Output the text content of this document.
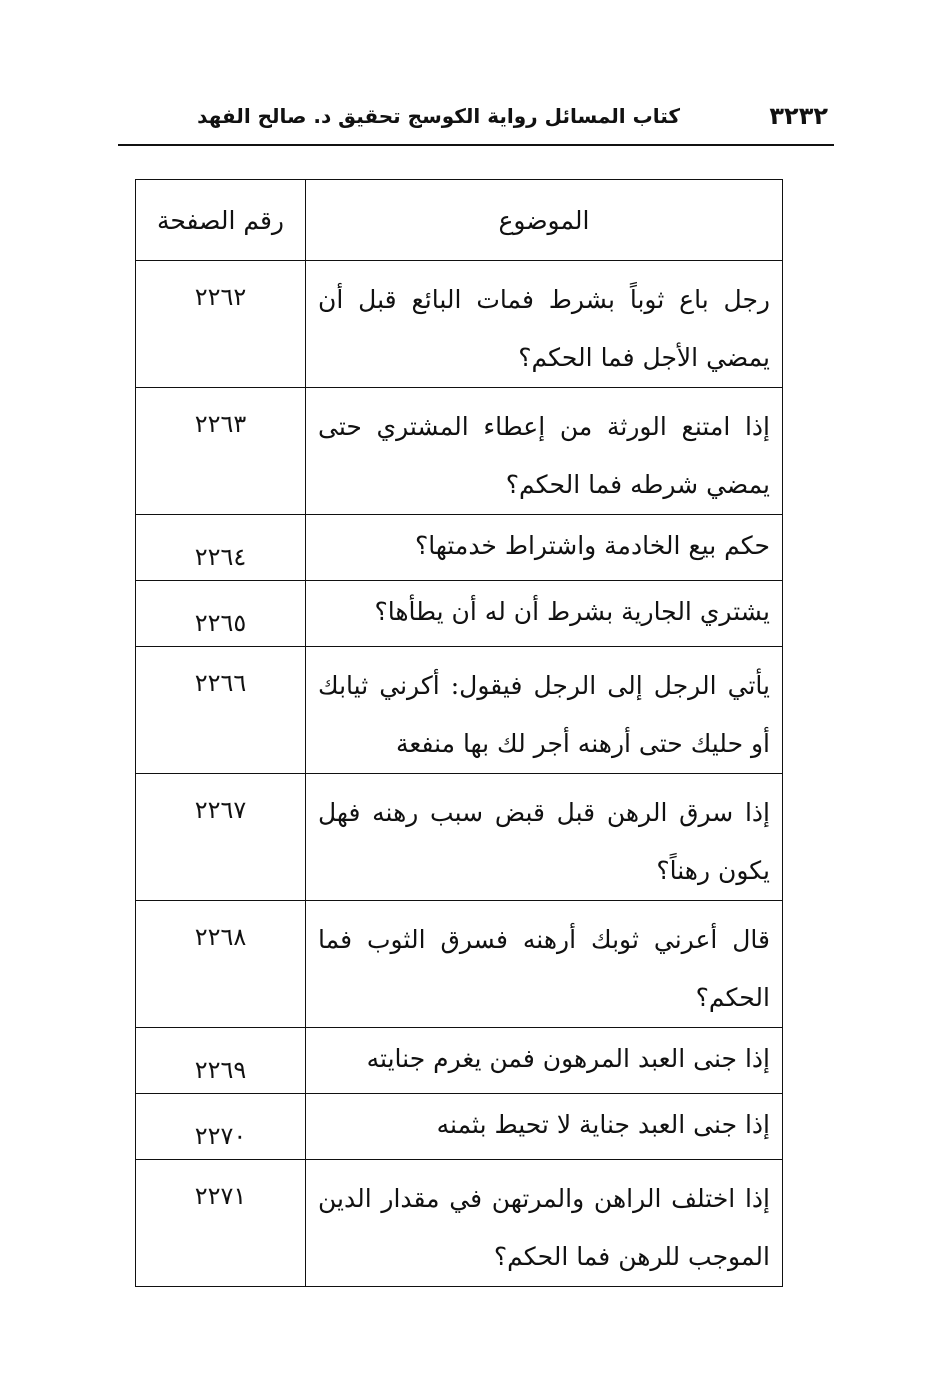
٣٢٣٢
كتاب المسائل رواية الكوسج تحقيق د. صالح الفهد
الموضوع	رقم الصفحة
رجل باع ثوباً بشرط فمات البائع قبل أن يمضي الأجل فما الحكم؟	٢٢٦٢

إذا امتنع الورثة من إعطاء المشتري حتى يمضي شرطه فما الحكم؟	٢٢٦٣

حكم بيع الخادمة واشتراط خدمتها؟	٢٢٦٤

يشتري الجارية بشرط أن له أن يطأها؟	٢٢٦٥

يأتي الرجل إلى الرجل فيقول: أكرني ثيابك أو حليك حتى أرهنه أجر لك بها منفعة	٢٢٦٦

إذا سرق الرهن قبل قبض سبب رهنه فهل يكون رهناً؟	٢٢٦٧

قال أعرني ثوبك أرهنه فسرق الثوب فما الحكم؟	٢٢٦٨

إذا جنى العبد المرهون فمن يغرم جنايته	٢٢٦٩

إذا جنى العبد جناية لا تحيط بثمنه	٢٢٧٠

إذا اختلف الراهن والمرتهن في مقدار الدين الموجب للرهن فما الحكم؟	٢٢٧١
